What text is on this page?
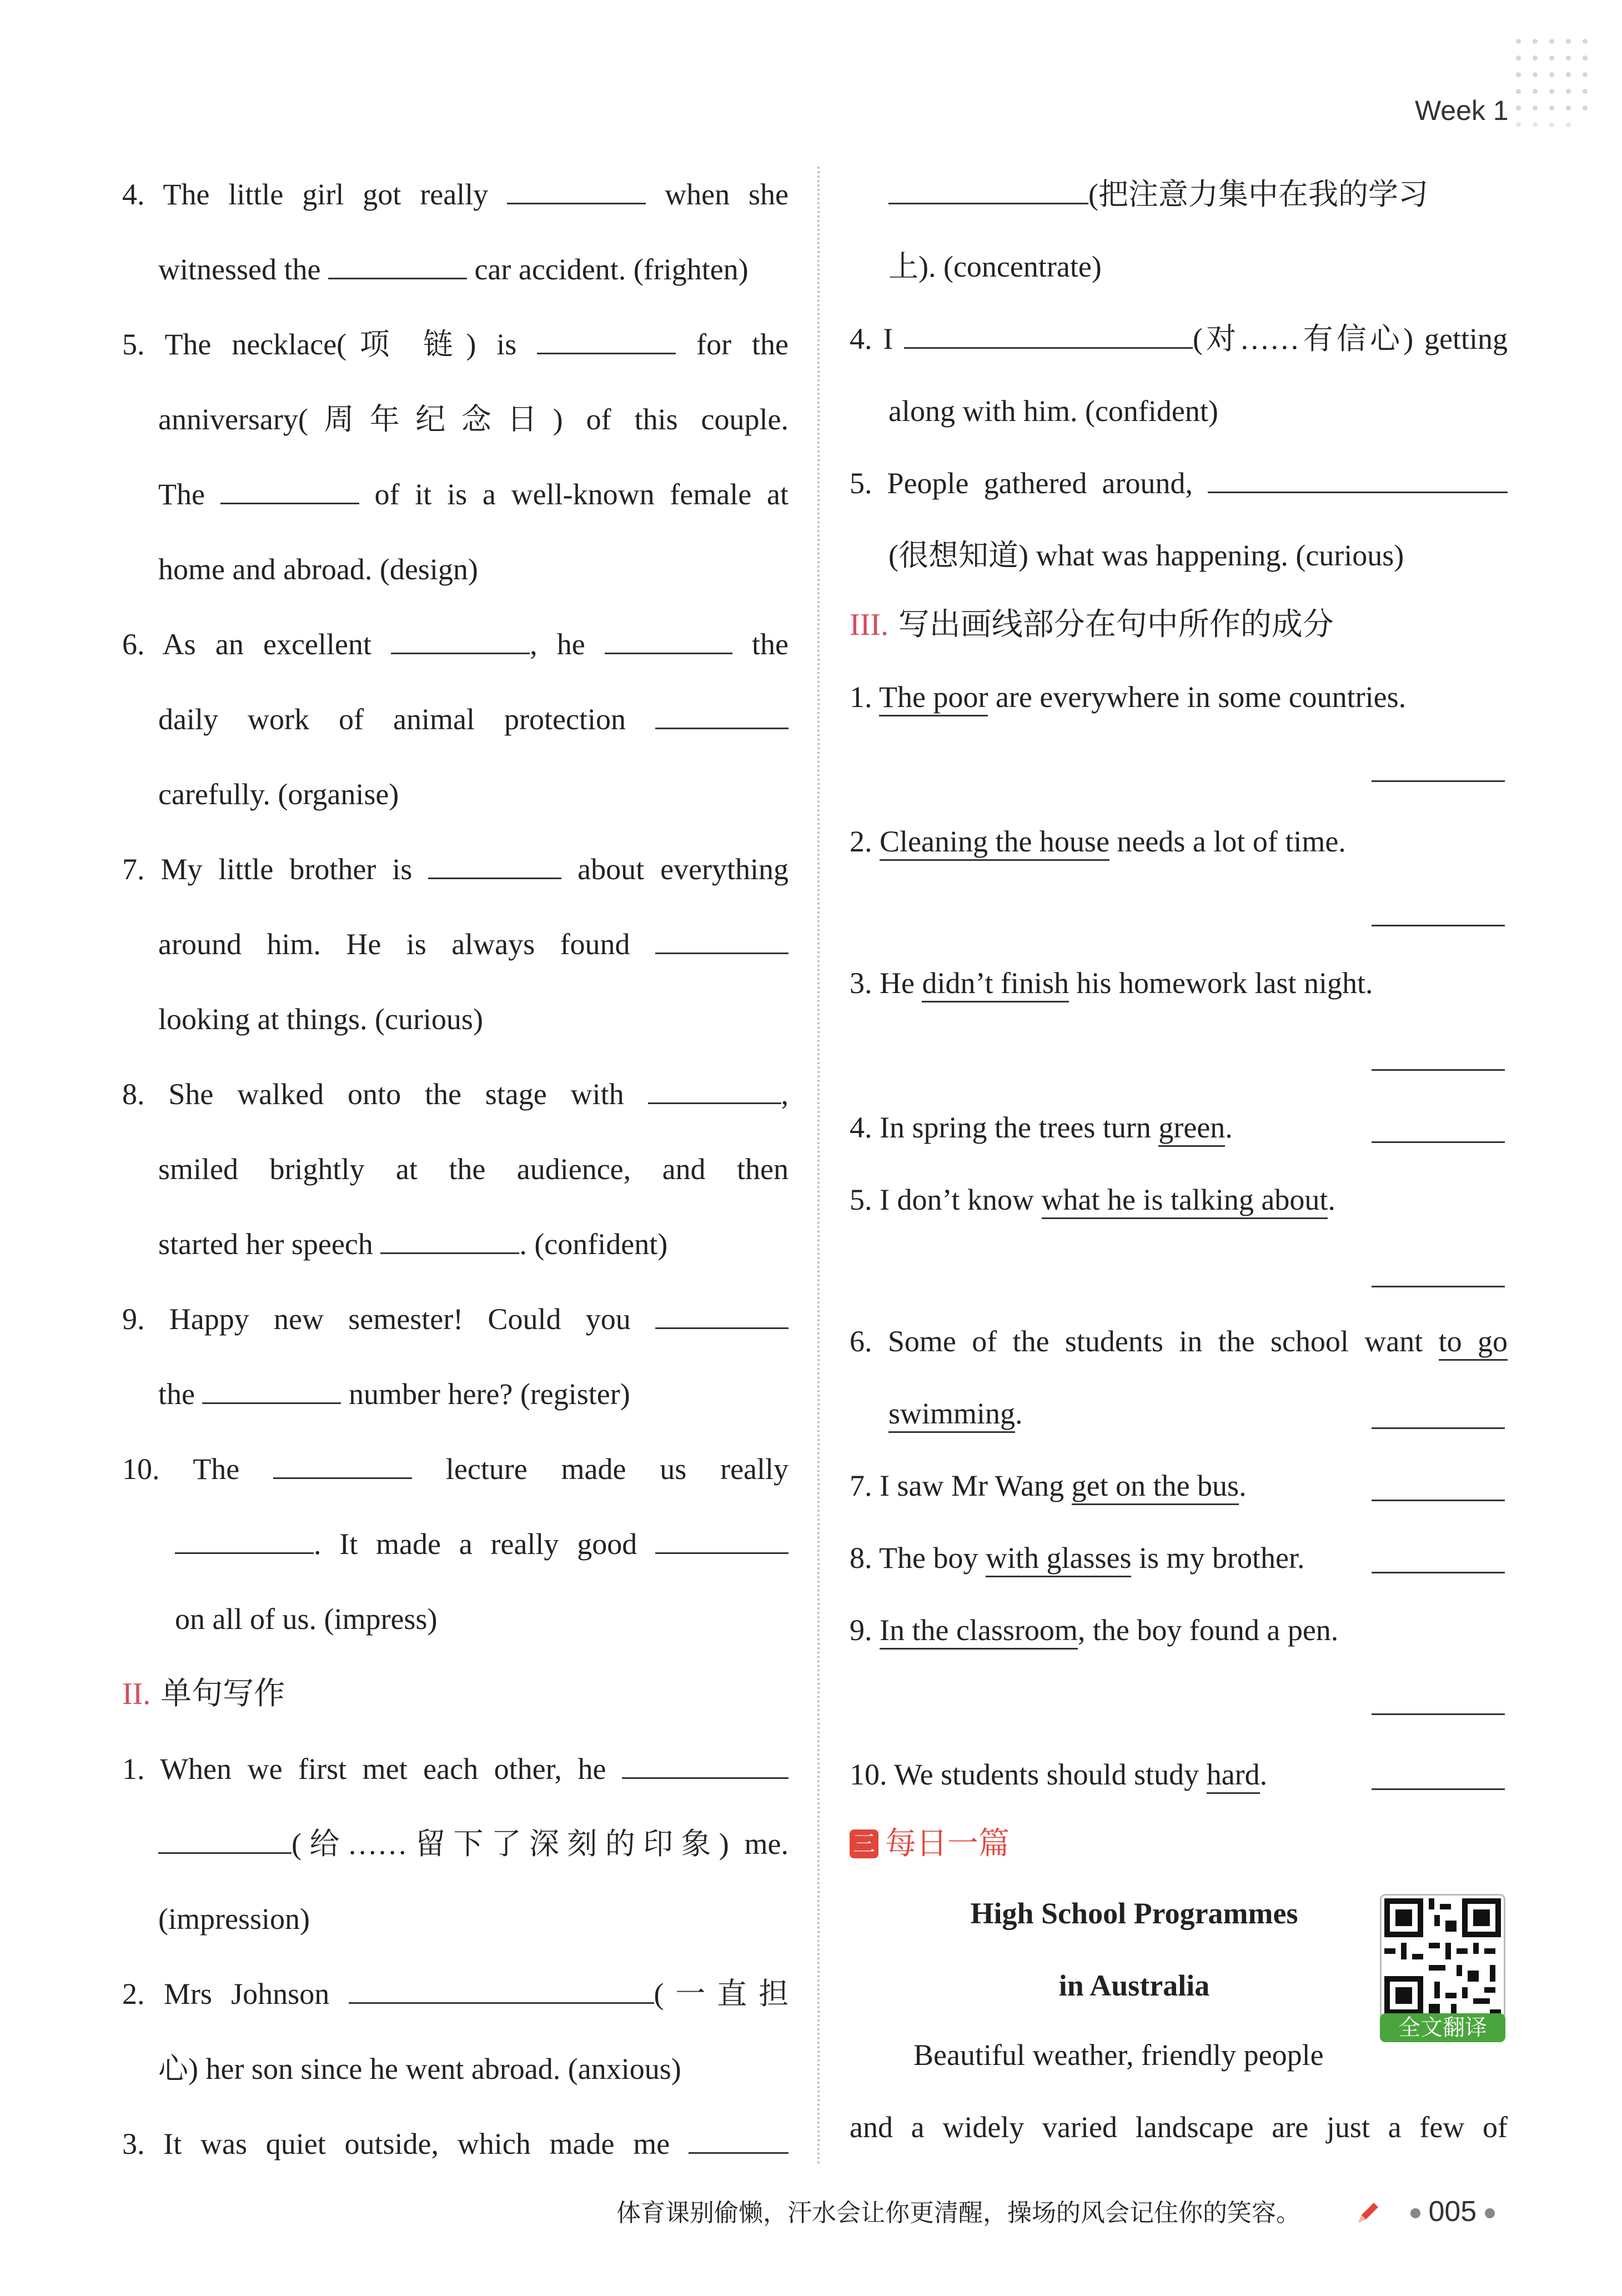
Week 1
4. The little girl got really	when she
witnessed the	car accident. (frighten)
5. The necklace(项 链) is	for the
anniversary(周年纪念日) of this couple.
The	of it is a well-known female at
home and abroad. (design)
6. As an excellent	, he	the
daily work of animal protection
carefully. (organise)
7. My little brother is	about everything
around him. He is always found
looking at things. (curious)
8. She walked onto the stage with	,
smiled brightly at the audience, and then
started her speech	. (confident)
9. Happy new semester! Could you
the	number here? (register)
10. The	lecture made us really
. It made a really good
on all of us. (impress)
II. 单句写作
1. When we first met each other, he
(给……留下了深刻的印象) me.
(impression)
2. Mrs Johnson	(一直担
心) her son since he went abroad. (anxious)
3. It was quiet outside, which made me
(把注意力集中在我的学习
上). (concentrate)
4. I	(对……有信心) getting
along with him. (confident)
5. People gathered around,
(很想知道) what was happening. (curious)
III. 写出画线部分在句中所作的成分
1. The poor are everywhere in some countries.
2. Cleaning the house needs a lot of time.
3. He didn’t finish his homework last night.
4. In spring the trees turn green.
5. I don’t know what he is talking about.
6. Some of the students in the school want to go
swimming.
7. I saw Mr Wang get on the bus.
8. The boy with glasses is my brother.
9. In the classroom, the boy found a pen.
10. We students should study hard.
三 每日一篇
High School Programmes
in Australia
Beautiful weather, friendly people
and a widely varied landscape are just a few of
全文翻译
体育课别偷懒，汗水会让你更清醒，操场的风会记住你的笑容。	005
